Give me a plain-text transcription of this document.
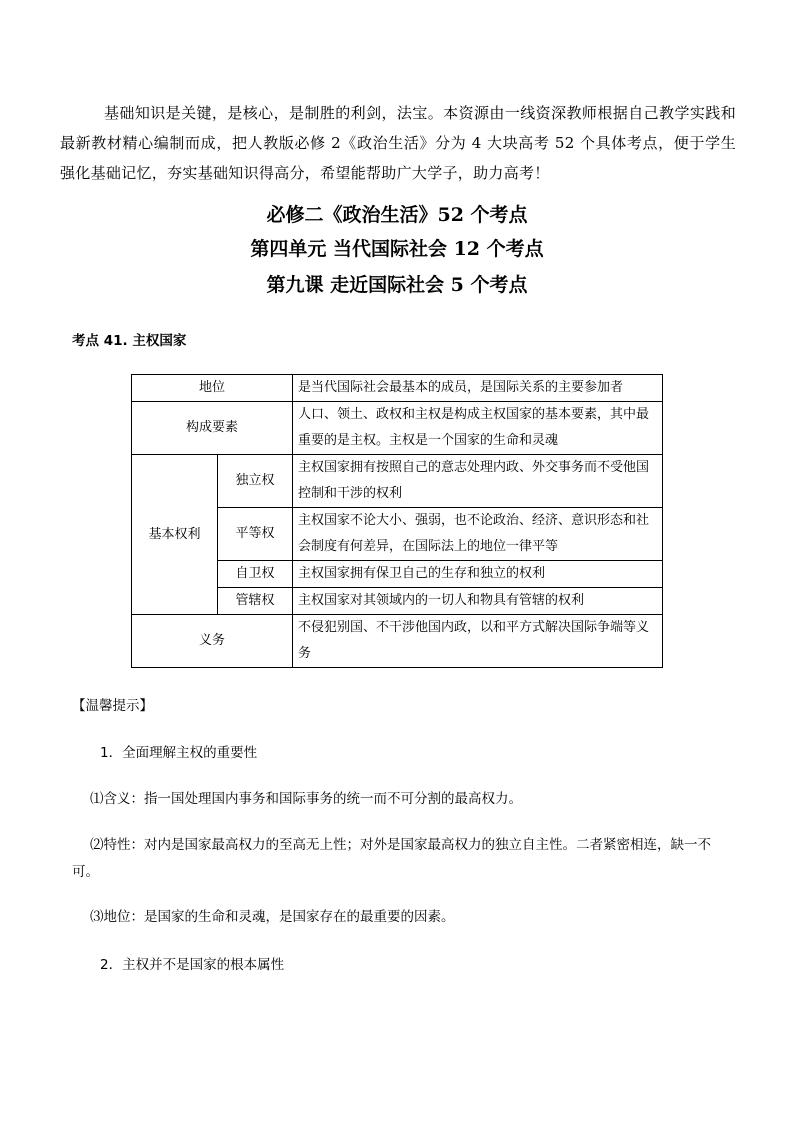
基础知识是关键，是核心，是制胜的利剑，法宝。本资源由一线资深教师根据自己教学实践和最新教材精心编制而成，把人教版必修 2《政治生活》分为 4 大块高考 52 个具体考点，便于学生强化基础记忆，夯实基础知识得高分，希望能帮助广大学子，助力高考！
必修二《政治生活》52 个考点
第四单元 当代国际社会 12 个考点
第九课 走近国际社会 5 个考点
考点 41. 主权国家
地位		是当代国际社会最基本的成员，是国际关系的主要参加者
构成要素		人口、领土、政权和主权是构成主权国家的基本要素，其中最重要的是主权。主权是一个国家的生命和灵魂
基本权利	独立权	主权国家拥有按照自己的意志处理内政、外交事务而不受他国控制和干涉的权利
	平等权	主权国家不论大小、强弱，也不论政治、经济、意识形态和社会制度有何差异，在国际法上的地位一律平等
	自卫权	主权国家拥有保卫自己的生存和独立的权利
	管辖权	主权国家对其领域内的一切人和物具有管辖的权利
义务		不侵犯别国、不干涉他国内政，以和平方式解决国际争端等义务
【温馨提示】
1．全面理解主权的重要性
⑴含义：指一国处理国内事务和国际事务的统一而不可分割的最高权力。
⑵特性：对内是国家最高权力的至高无上性；对外是国家最高权力的独立自主性。二者紧密相连，缺一不可。
⑶地位：是国家的生命和灵魂，是国家存在的最重要的因素。
2．主权并不是国家的根本属性
